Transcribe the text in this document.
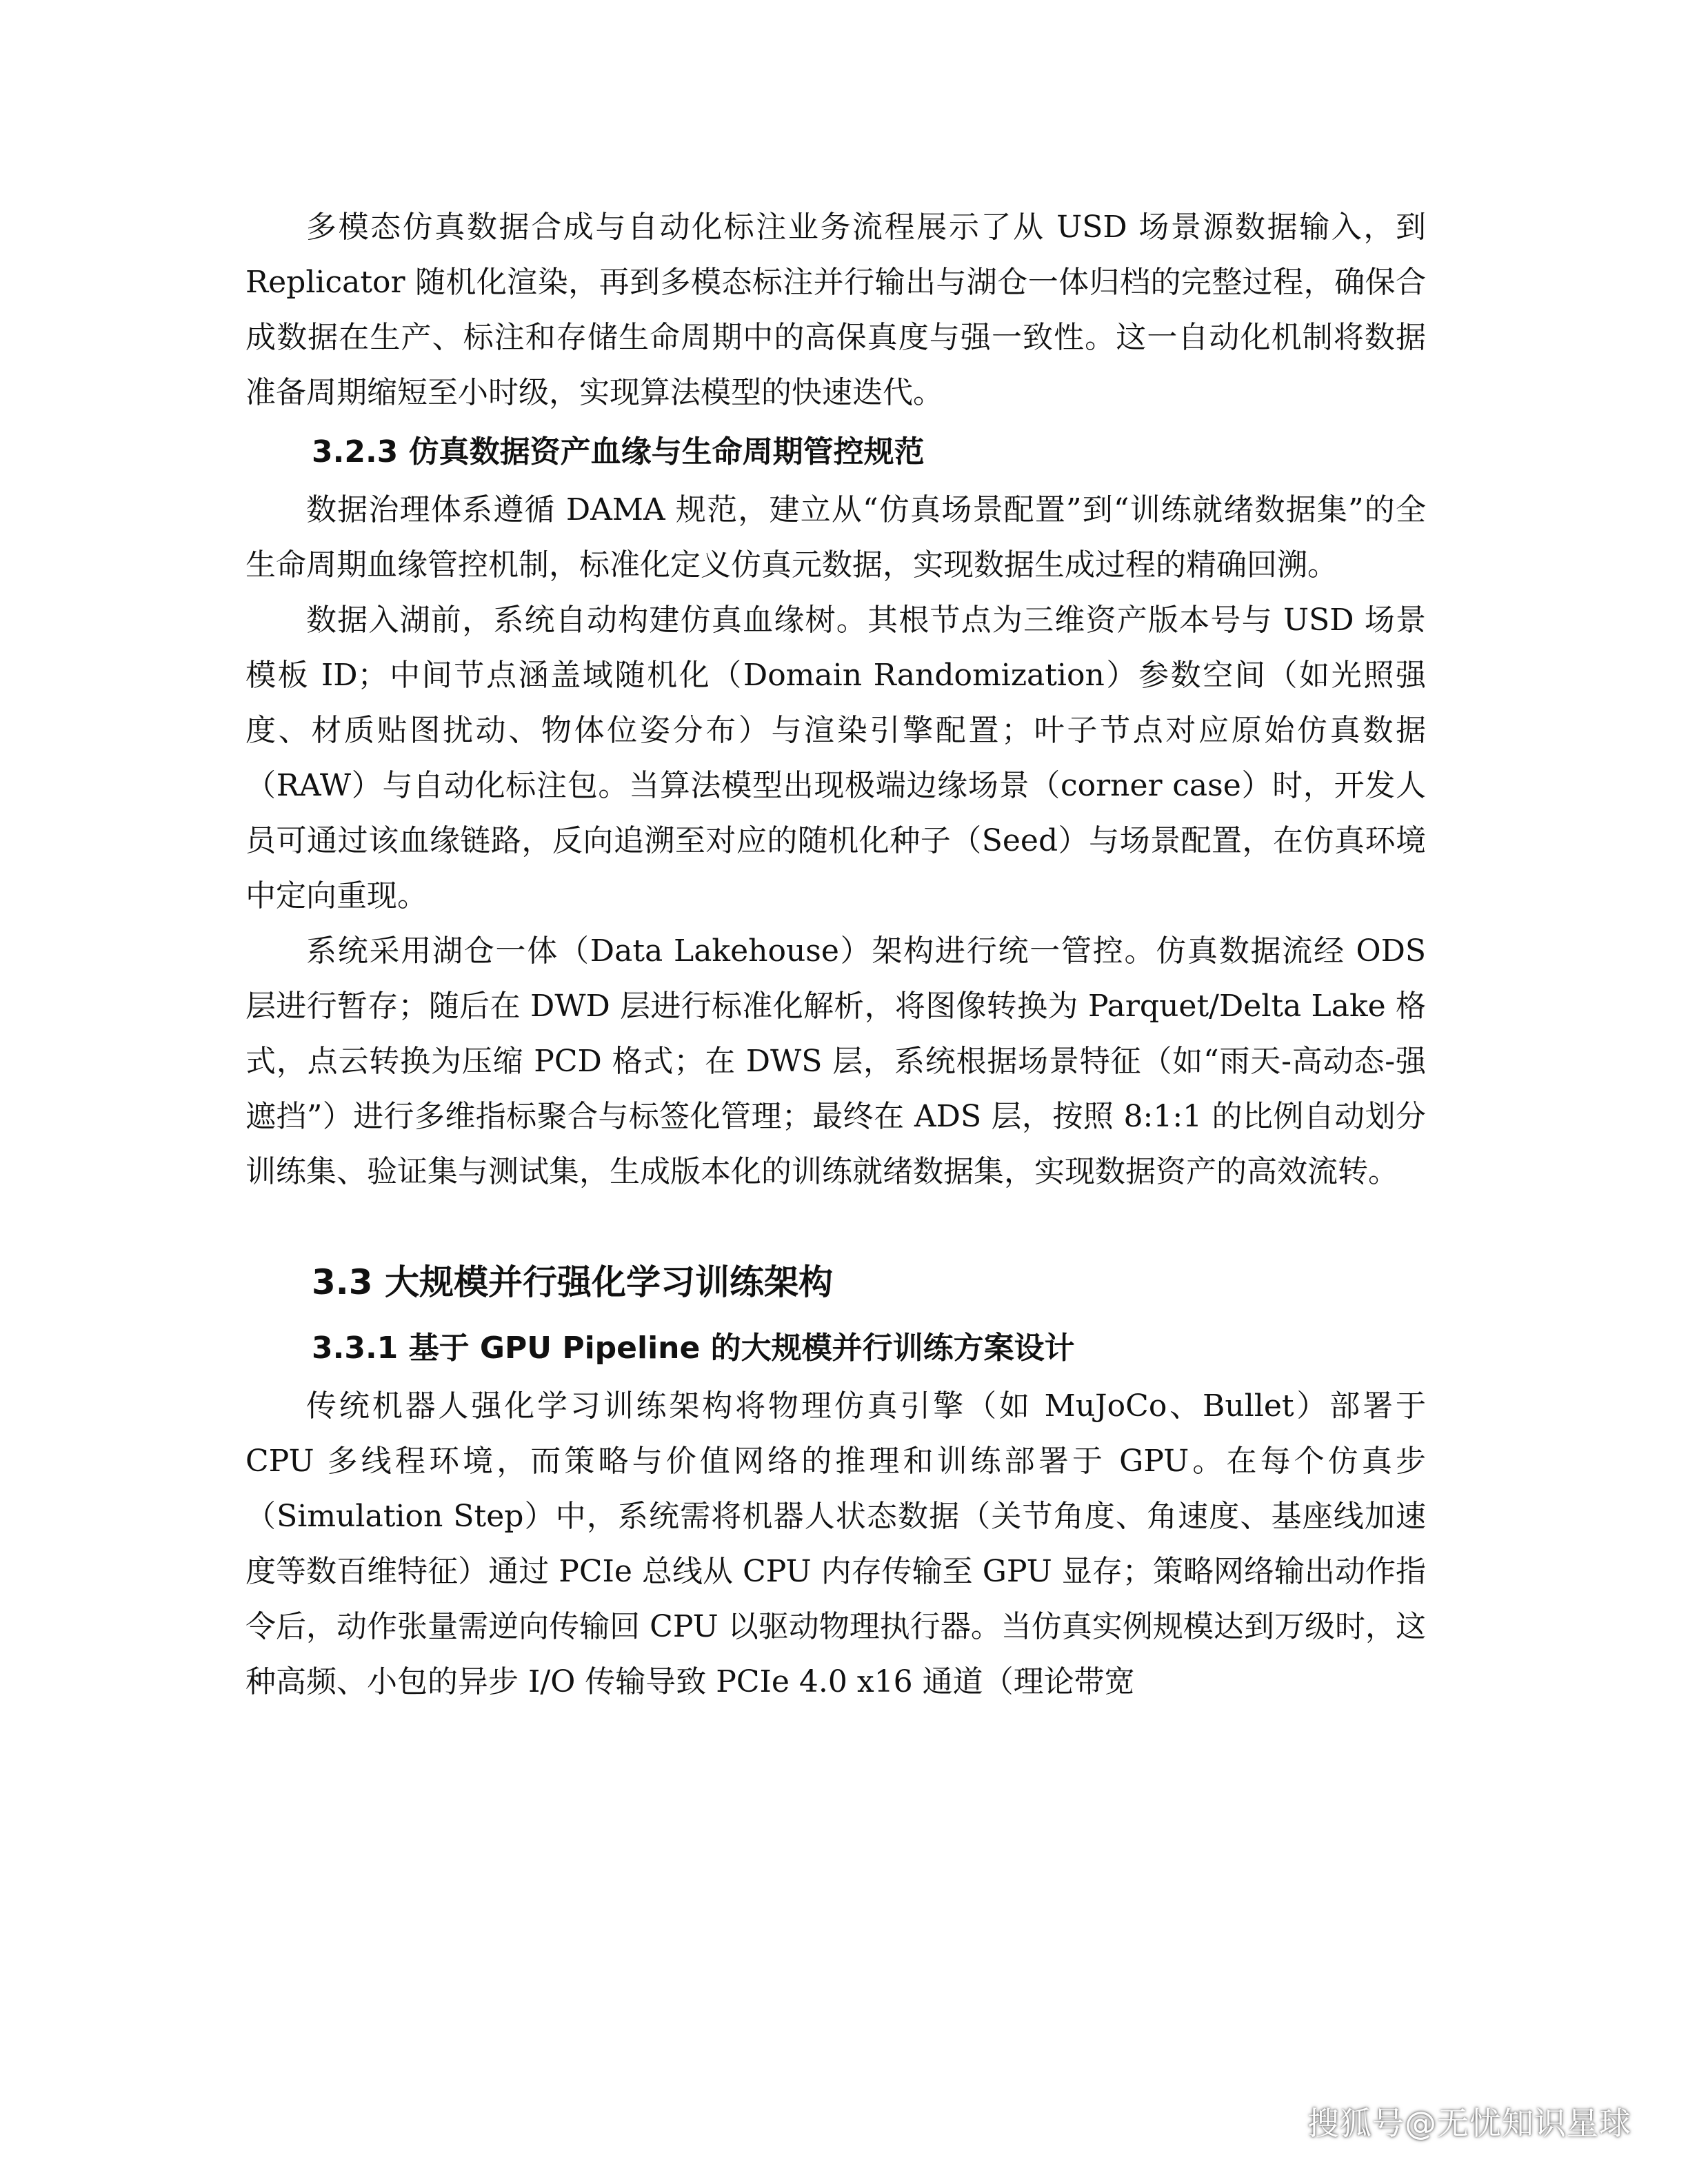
多模态仿真数据合成与自动化标注业务流程展示了从 USD 场景源数据输入，到 Replicator 随机化渲染，再到多模态标注并行输出与湖仓一体归档的完整过程，确保合成数据在生产、标注和存储生命周期中的高保真度与强一致性。这一自动化机制将数据准备周期缩短至小时级，实现算法模型的快速迭代。

3.2.3 仿真数据资产血缘与生命周期管控规范

数据治理体系遵循 DAMA 规范，建立从“仿真场景配置”到“训练就绪数据集”的全生命周期血缘管控机制，标准化定义仿真元数据，实现数据生成过程的精确回溯。

数据入湖前，系统自动构建仿真血缘树。其根节点为三维资产版本号与 USD 场景模板 ID；中间节点涵盖域随机化（Domain Randomization）参数空间（如光照强度、材质贴图扰动、物体位姿分布）与渲染引擎配置；叶子节点对应原始仿真数据（RAW）与自动化标注包。当算法模型出现极端边缘场景（corner case）时，开发人员可通过该血缘链路，反向追溯至对应的随机化种子（Seed）与场景配置，在仿真环境中定向重现。

系统采用湖仓一体（Data Lakehouse）架构进行统一管控。仿真数据流经 ODS 层进行暂存；随后在 DWD 层进行标准化解析，将图像转换为 Parquet/Delta Lake 格式，点云转换为压缩 PCD 格式；在 DWS 层，系统根据场景特征（如“雨天-高动态-强遮挡”）进行多维指标聚合与标签化管理；最终在 ADS 层，按照 8:1:1 的比例自动划分训练集、验证集与测试集，生成版本化的训练就绪数据集，实现数据资产的高效流转。

3.3 大规模并行强化学习训练架构
3.3.1 基于 GPU Pipeline 的大规模并行训练方案设计

传统机器人强化学习训练架构将物理仿真引擎（如 MuJoCo、Bullet）部署于 CPU 多线程环境，而策略与价值网络的推理和训练部署于 GPU。在每个仿真步（Simulation Step）中，系统需将机器人状态数据（关节角度、角速度、基座线加速度等数百维特征）通过 PCIe 总线从 CPU 内存传输至 GPU 显存；策略网络输出动作指令后，动作张量需逆向传输回 CPU 以驱动物理执行器。当仿真实例规模达到万级时，这种高频、小包的异步 I/O 传输导致 PCIe 4.0 x16 通道（理论带宽

搜狐号@无忧知识星球
